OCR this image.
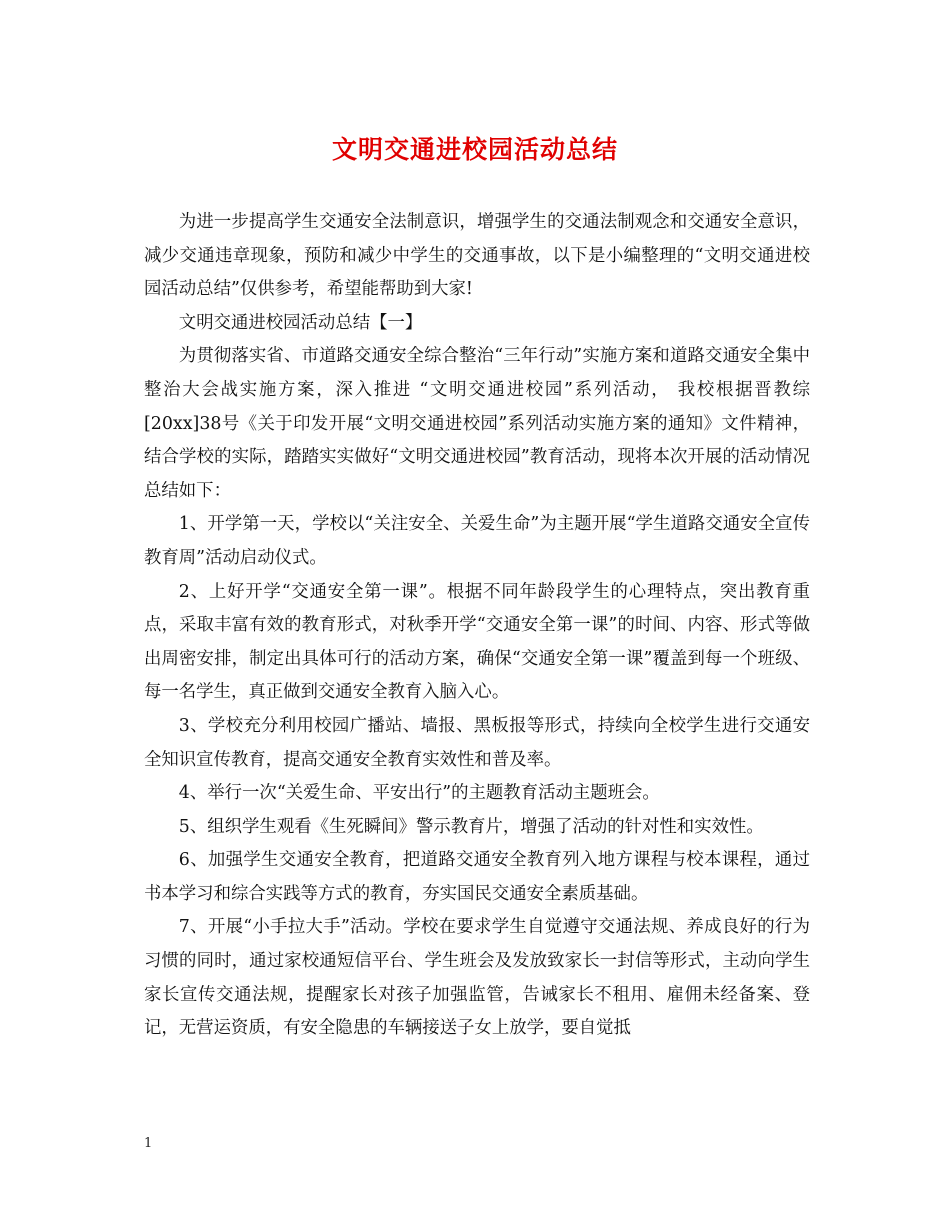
文明交通进校园活动总结

为进一步提高学生交通安全法制意识，增强学生的交通法制观念和交通安全意识，减少交通违章现象，预防和减少中学生的交通事故，以下是小编整理的“文明交通进校园活动总结”仅供参考，希望能帮助到大家!

文明交通进校园活动总结【一】

为贯彻落实省、市道路交通安全综合整治“三年行动”实施方案和道路交通安全集中整治大会战实施方案，深入推进 “文明交通进校园”系列活动， 我校根据晋教综[20xx]38号《关于印发开展“文明交通进校园”系列活动实施方案的通知》文件精神，结合学校的实际，踏踏实实做好“文明交通进校园”教育活动，现将本次开展的活动情况总结如下：

1、开学第一天，学校以“关注安全、关爱生命”为主题开展“学生道路交通安全宣传教育周”活动启动仪式。

2、上好开学“交通安全第一课”。根据不同年龄段学生的心理特点，突出教育重点，采取丰富有效的教育形式，对秋季开学“交通安全第一课”的时间、内容、形式等做出周密安排，制定出具体可行的活动方案，确保“交通安全第一课”覆盖到每一个班级、每一名学生，真正做到交通安全教育入脑入心。

3、学校充分利用校园广播站、墙报、黑板报等形式，持续向全校学生进行交通安全知识宣传教育，提高交通安全教育实效性和普及率。

4、举行一次“关爱生命、平安出行”的主题教育活动主题班会。

5、组织学生观看《生死瞬间》警示教育片，增强了活动的针对性和实效性。

6、加强学生交通安全教育，把道路交通安全教育列入地方课程与校本课程，通过书本学习和综合实践等方式的教育，夯实国民交通安全素质基础。

7、开展“小手拉大手”活动。学校在要求学生自觉遵守交通法规、养成良好的行为习惯的同时，通过家校通短信平台、学生班会及发放致家长一封信等形式，主动向学生家长宣传交通法规，提醒家长对孩子加强监管，告诫家长不租用、雇佣未经备案、登记，无营运资质，有安全隐患的车辆接送子女上放学，要自觉抵

1
